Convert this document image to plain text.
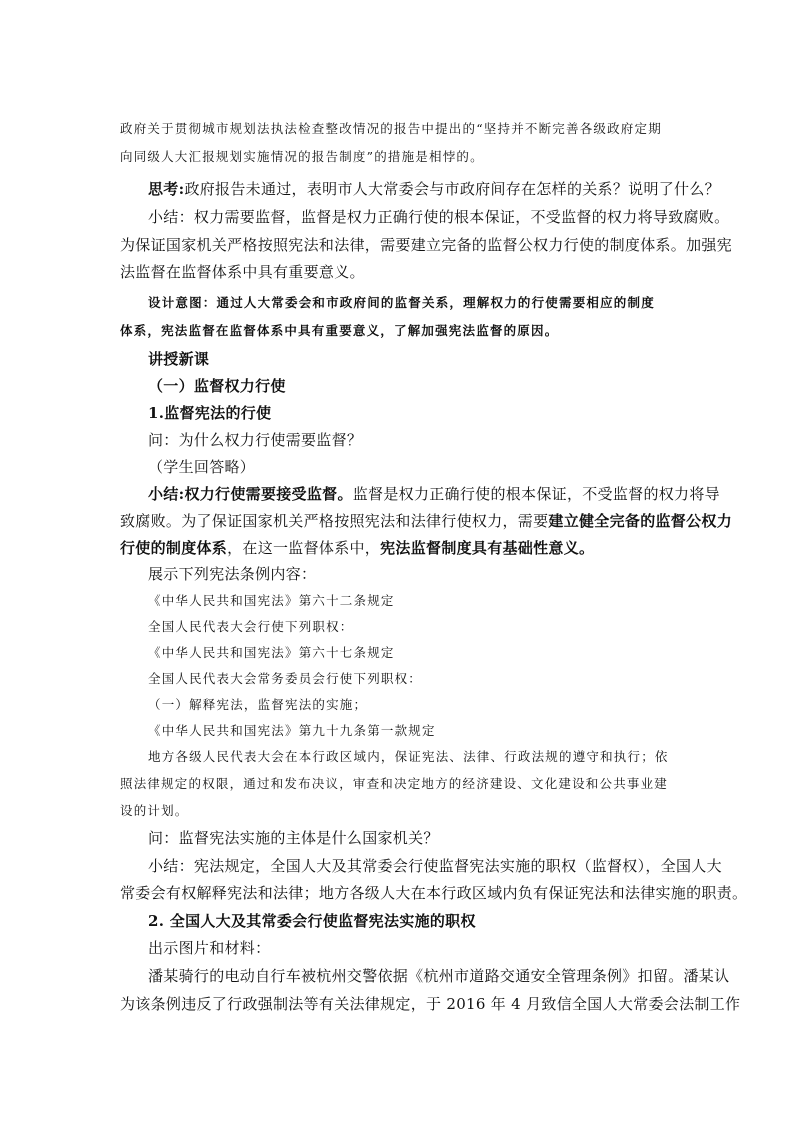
政府关于贯彻城市规划法执法检查整改情况的报告中提出的“坚持并不断完善各级政府定期
向同级人大汇报规划实施情况的报告制度”的措施是相悖的。
思考:政府报告未通过，表明市人大常委会与市政府间存在怎样的关系？说明了什么？
小结：权力需要监督，监督是权力正确行使的根本保证，不受监督的权力将导致腐败。
为保证国家机关严格按照宪法和法律，需要建立完备的监督公权力行使的制度体系。加强宪
法监督在监督体系中具有重要意义。
设计意图：通过人大常委会和市政府间的监督关系，理解权力的行使需要相应的制度
体系，宪法监督在监督体系中具有重要意义，了解加强宪法监督的原因。
讲授新课
（一）监督权力行使
1.监督宪法的行使
问：为什么权力行使需要监督？
（学生回答略）
小结:权力行使需要接受监督。监督是权力正确行使的根本保证，不受监督的权力将导
致腐败。为了保证国家机关严格按照宪法和法律行使权力，需要建立健全完备的监督公权力
行使的制度体系，在这一监督体系中，宪法监督制度具有基础性意义。
展示下列宪法条例内容：
《中华人民共和国宪法》第六十二条规定
全国人民代表大会行使下列职权：
《中华人民共和国宪法》第六十七条规定
全国人民代表大会常务委员会行使下列职权：
（一）解释宪法，监督宪法的实施；
《中华人民共和国宪法》第九十九条第一款规定
地方各级人民代表大会在本行政区域内，保证宪法、法律、行政法规的遵守和执行；依
照法律规定的权限，通过和发布决议，审查和决定地方的经济建设、文化建设和公共事业建
设的计划。
问：监督宪法实施的主体是什么国家机关？
小结：宪法规定，全国人大及其常委会行使监督宪法实施的职权（监督权），全国人大
常委会有权解释宪法和法律；地方各级人大在本行政区域内负有保证宪法和法律实施的职责。
2. 全国人大及其常委会行使监督宪法实施的职权
出示图片和材料：
潘某骑行的电动自行车被杭州交警依据《杭州市道路交通安全管理条例》扣留。潘某认
为该条例违反了行政强制法等有关法律规定，于 2016 年 4 月致信全国人大常委会法制工作
